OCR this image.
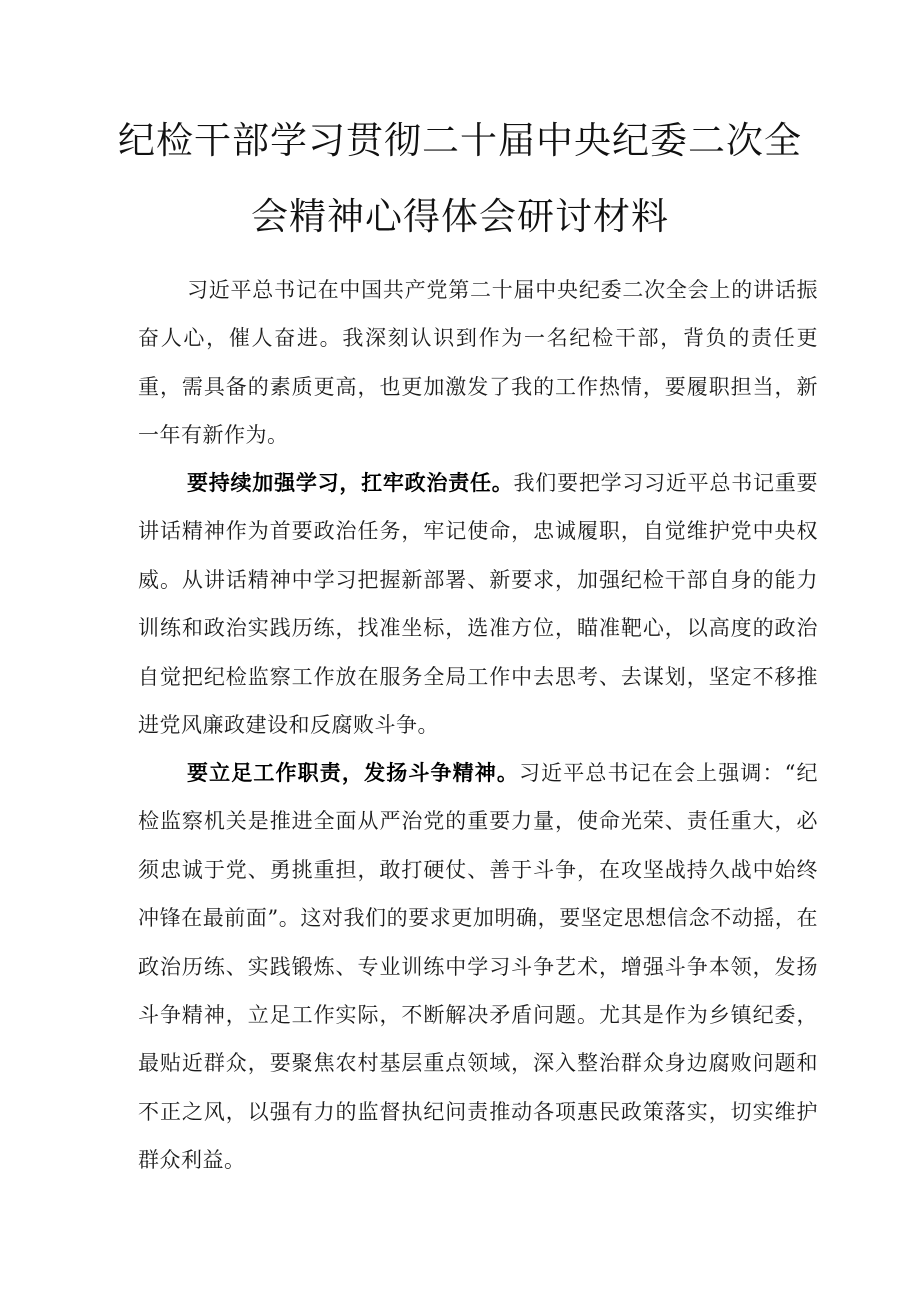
纪检干部学习贯彻二十届中央纪委二次全
会精神心得体会研讨材料

习近平总书记在中国共产党第二十届中央纪委二次全会上的讲话振奋人心，催人奋进。我深刻认识到作为一名纪检干部，背负的责任更重，需具备的素质更高，也更加激发了我的工作热情，要履职担当，新一年有新作为。

要持续加强学习，扛牢政治责任。我们要把学习习近平总书记重要讲话精神作为首要政治任务，牢记使命，忠诚履职，自觉维护党中央权威。从讲话精神中学习把握新部署、新要求，加强纪检干部自身的能力训练和政治实践历练，找准坐标，选准方位，瞄准靶心，以高度的政治自觉把纪检监察工作放在服务全局工作中去思考、去谋划，坚定不移推进党风廉政建设和反腐败斗争。

要立足工作职责，发扬斗争精神。习近平总书记在会上强调：“纪检监察机关是推进全面从严治党的重要力量，使命光荣、责任重大，必须忠诚于党、勇挑重担，敢打硬仗、善于斗争，在攻坚战持久战中始终冲锋在最前面”。这对我们的要求更加明确，要坚定思想信念不动摇，在政治历练、实践锻炼、专业训练中学习斗争艺术，增强斗争本领，发扬斗争精神，立足工作实际，不断解决矛盾问题。尤其是作为乡镇纪委，最贴近群众，要聚焦农村基层重点领域，深入整治群众身边腐败问题和不正之风，以强有力的监督执纪问责推动各项惠民政策落实，切实维护群众利益。
